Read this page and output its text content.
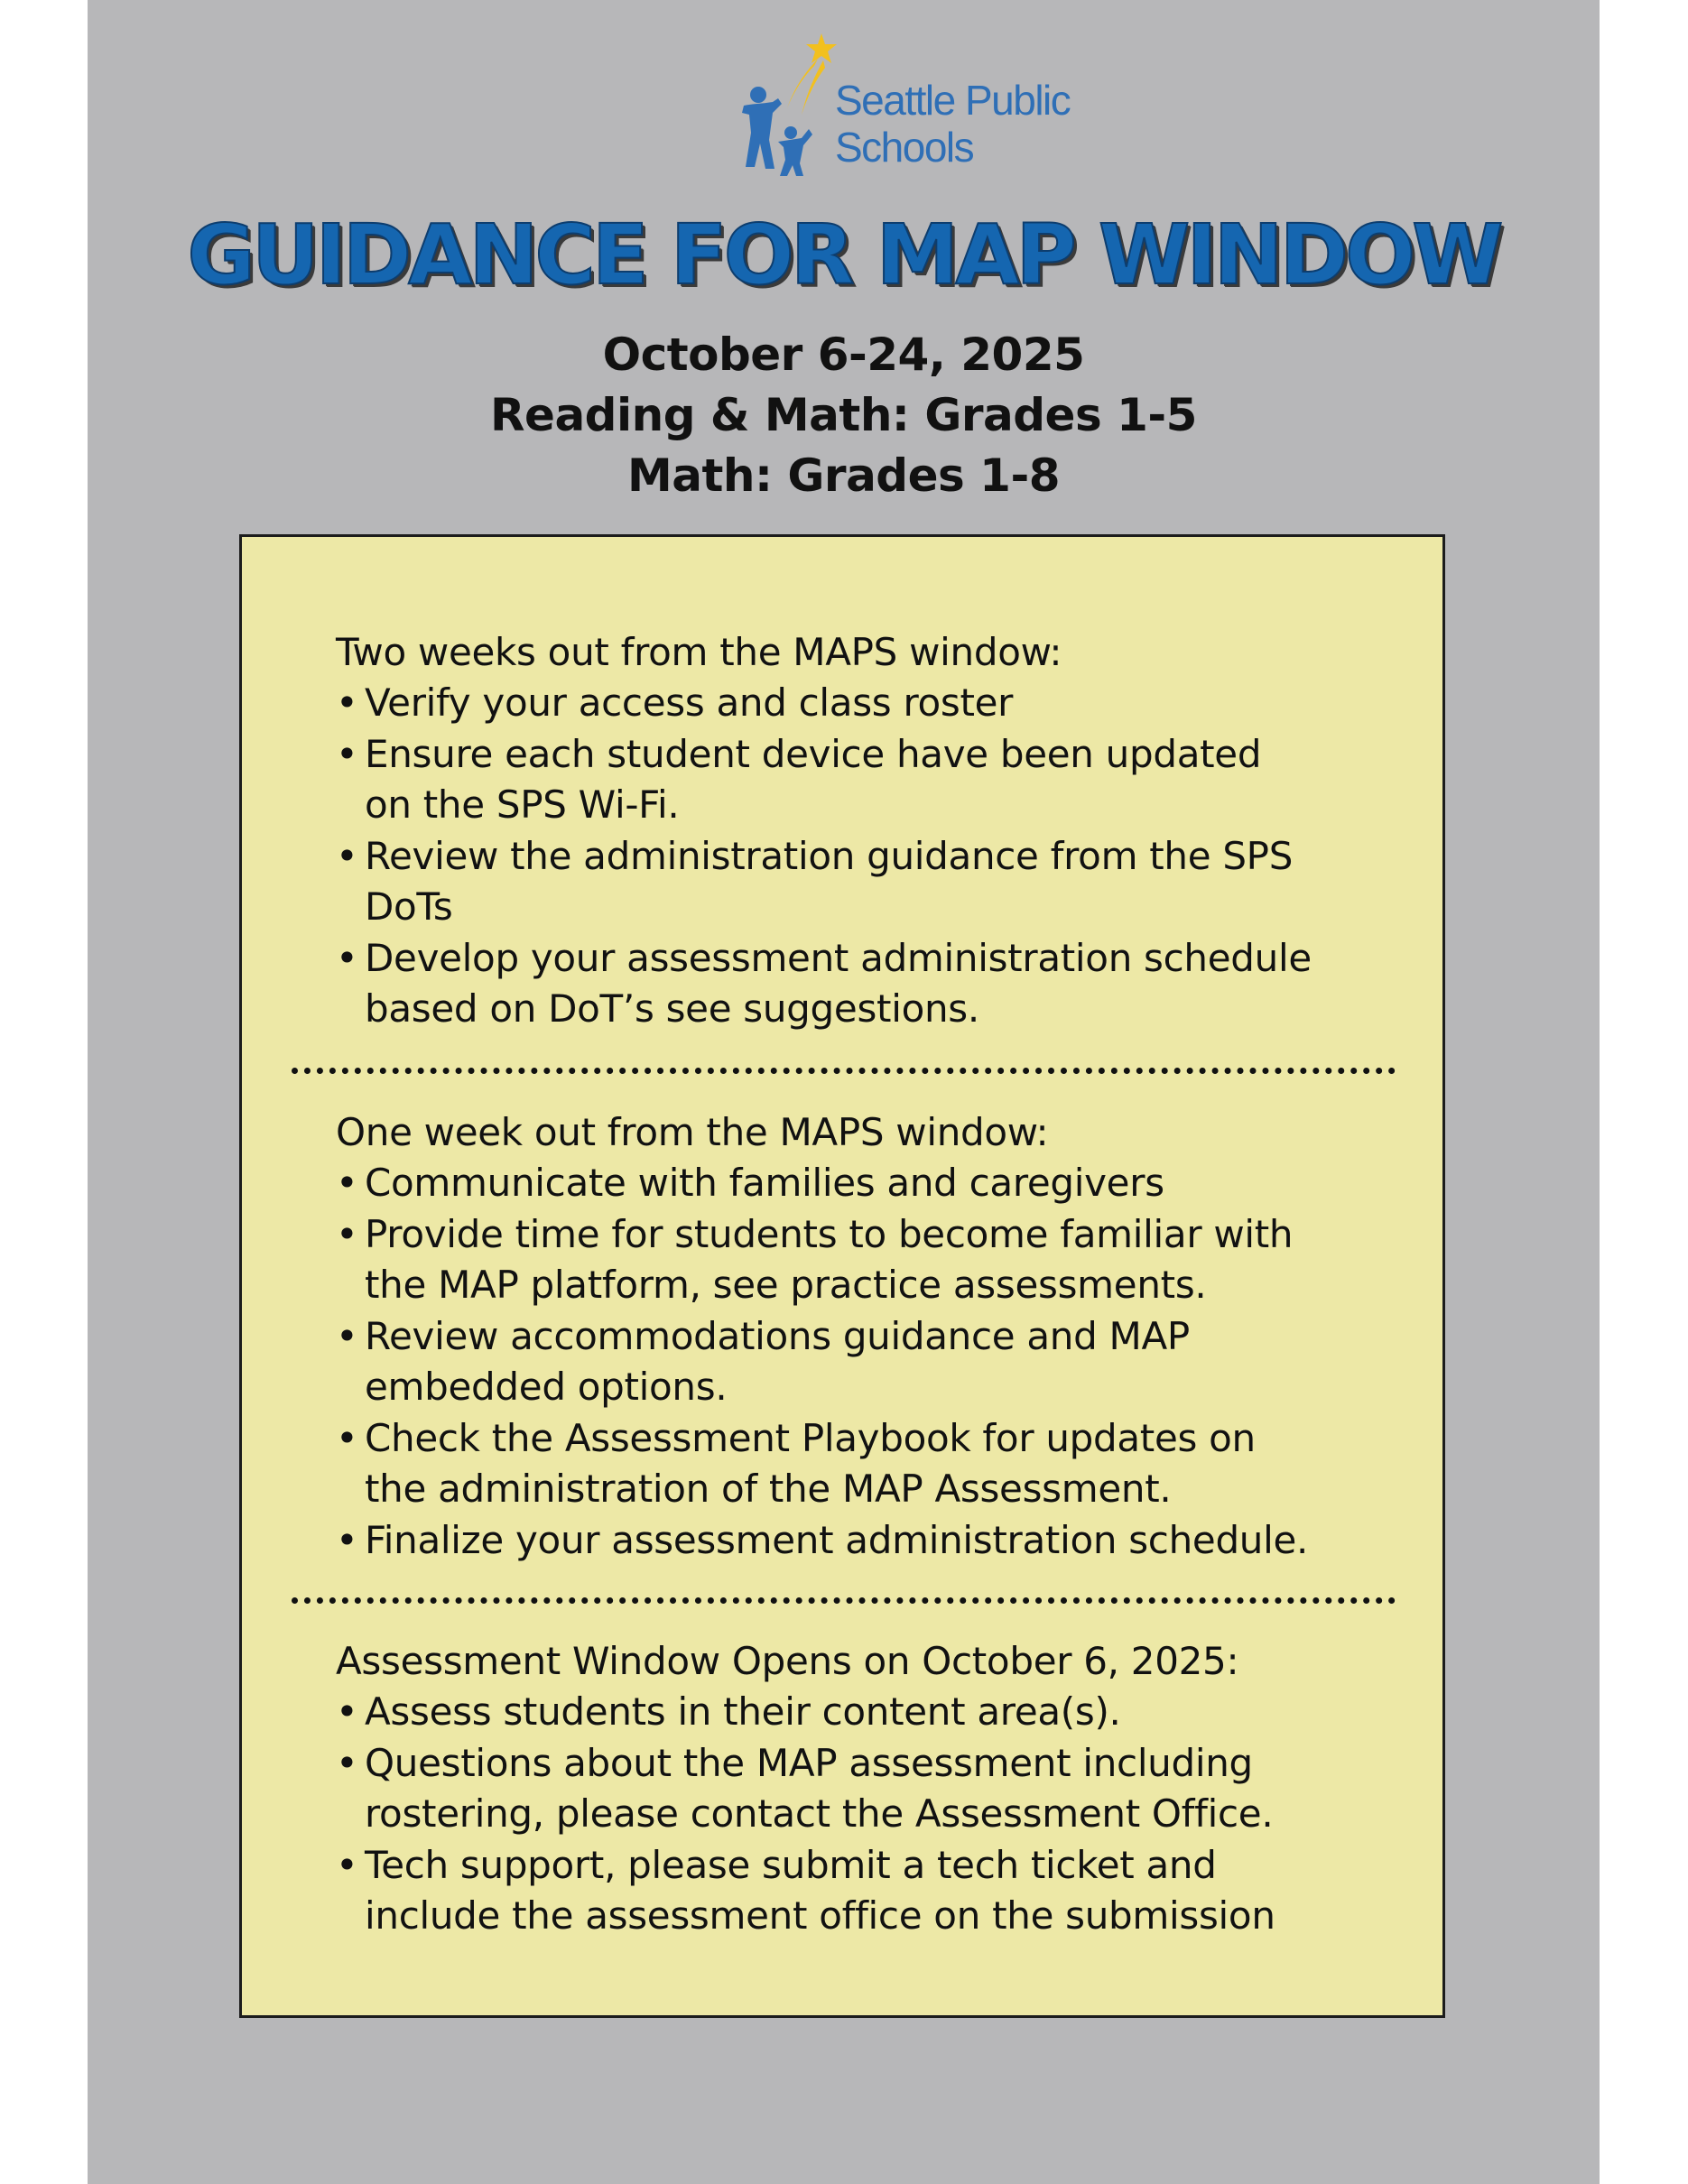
Seattle Public
Schools
GUIDANCE FOR MAP WINDOW
October 6-24, 2025
Reading & Math: Grades 1-5
Math: Grades 1-8
Two weeks out from the MAPS window:
• Verify your access and class roster
• Ensure each student device have been updated
on the SPS Wi-Fi.
• Review the administration guidance from the SPS
DoTs
• Develop your assessment administration schedule
based on DoT’s see suggestions.
One week out from the MAPS window:
• Communicate with families and caregivers
• Provide time for students to become familiar with
the MAP platform, see practice assessments.
• Review accommodations guidance and MAP
embedded options.
• Check the Assessment Playbook for updates on
the administration of the MAP Assessment.
• Finalize your assessment administration schedule.
Assessment Window Opens on October 6, 2025:
• Assess students in their content area(s).
• Questions about the MAP assessment including
rostering, please contact the Assessment Office.
• Tech support, please submit a tech ticket and
include the assessment office on the submission
